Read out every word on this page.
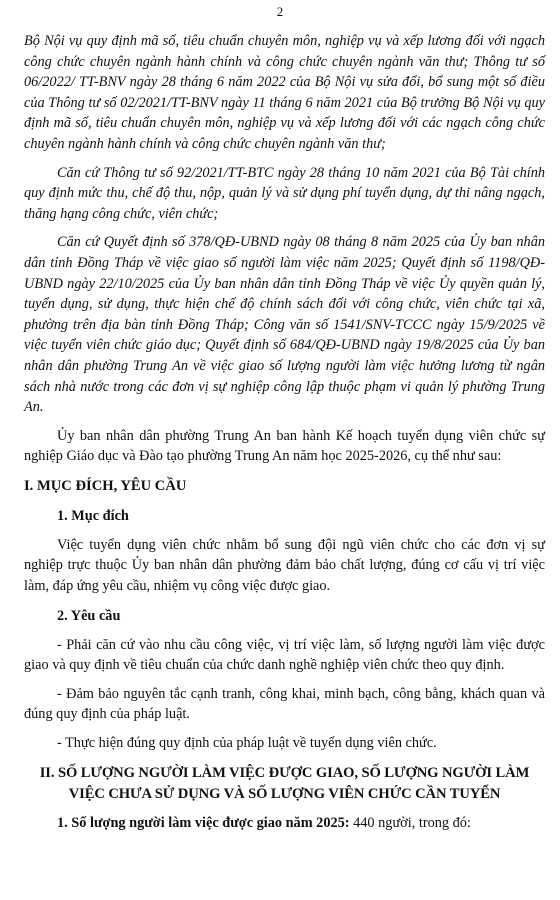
2

Bộ Nội vụ quy định mã số, tiêu chuẩn chuyên môn, nghiệp vụ và xếp lương đối với ngạch công chức chuyên ngành hành chính và công chức chuyên ngành văn thư; Thông tư số 06/2022/ TT-BNV ngày 28 tháng 6 năm 2022 của Bộ Nội vụ sửa đổi, bổ sung một số điều của Thông tư số 02/2021/TT-BNV ngày 11 tháng 6 năm 2021 của Bộ trưởng Bộ Nội vụ quy định mã số, tiêu chuẩn chuyên môn, nghiệp vụ và xếp lương đối với các ngạch công chức chuyên ngành hành chính và công chức chuyên ngành văn thư;

Căn cứ Thông tư số 92/2021/TT-BTC ngày 28 tháng 10 năm 2021 của Bộ Tài chính quy định mức thu, chế độ thu, nộp, quản lý và sử dụng phí tuyển dụng, dự thi nâng ngạch, thăng hạng công chức, viên chức;

Căn cứ Quyết định số 378/QĐ-UBND ngày 08 tháng 8 năm 2025 của Ủy ban nhân dân tỉnh Đồng Tháp về việc giao số người làm việc năm 2025; Quyết định số 1198/QĐ-UBND ngày 22/10/2025 của Ủy ban nhân dân tỉnh Đồng Tháp về việc Ủy quyền quản lý, tuyển dụng, sử dụng, thực hiện chế độ chính sách đối với công chức, viên chức tại xã, phường trên địa bàn tỉnh Đồng Tháp; Công văn số 1541/SNV-TCCC ngày 15/9/2025 về việc tuyển viên chức giáo dục; Quyết định số 684/QĐ-UBND ngày 19/8/2025 của Ủy ban nhân dân phường Trung An về việc giao số lượng người làm việc hưởng lương từ ngân sách nhà nước trong các đơn vị sự nghiệp công lập thuộc phạm vi quản lý phường Trung An.

Ủy ban nhân dân phường Trung An ban hành Kế hoạch tuyển dụng viên chức sự nghiệp Giáo dục và Đào tạo phường Trung An năm học 2025-2026, cụ thể như sau:

I. MỤC ĐÍCH, YÊU CẦU
1. Mục đích

Việc tuyển dụng viên chức nhằm bổ sung đội ngũ viên chức cho các đơn vị sự nghiệp trực thuộc Ủy ban nhân dân phường đảm bảo chất lượng, đúng cơ cấu vị trí việc làm, đáp ứng yêu cầu, nhiệm vụ công việc được giao.

2. Yêu cầu

- Phải căn cứ vào nhu cầu công việc, vị trí việc làm, số lượng người làm việc được giao và quy định về tiêu chuẩn của chức danh nghề nghiệp viên chức theo quy định.

- Đảm bảo nguyên tắc cạnh tranh, công khai, minh bạch, công bằng, khách quan và đúng quy định của pháp luật.

- Thực hiện đúng quy định của pháp luật về tuyển dụng viên chức.

II. SỐ LƯỢNG NGƯỜI LÀM VIỆC ĐƯỢC GIAO, SỐ LƯỢNG NGƯỜI LÀM VIỆC CHƯA SỬ DỤNG VÀ SỐ LƯỢNG VIÊN CHỨC CẦN TUYỂN

1. Số lượng người làm việc được giao năm 2025: 440 người, trong đó:
